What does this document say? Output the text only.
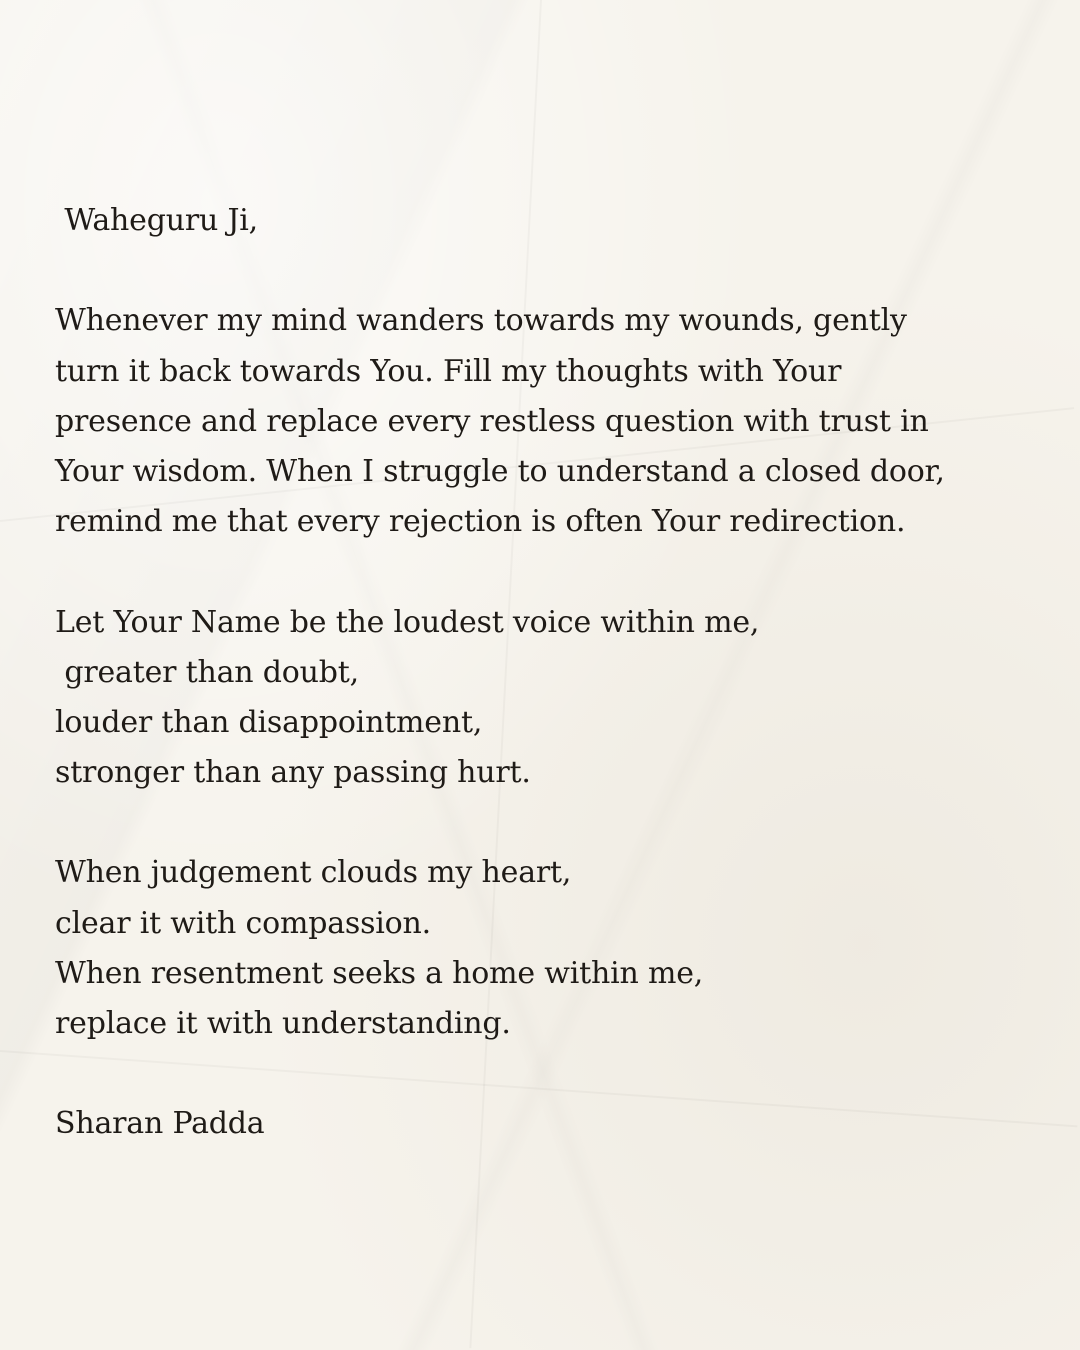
Waheguru Ji,
Whenever my mind wanders towards my wounds, gently
turn it back towards You. Fill my thoughts with Your
presence and replace every restless question with trust in
Your wisdom. When I struggle to understand a closed door,
remind me that every rejection is often Your redirection.
Let Your Name be the loudest voice within me,
greater than doubt,
louder than disappointment,
stronger than any passing hurt.
When judgement clouds my heart,
clear it with compassion.
When resentment seeks a home within me,
replace it with understanding.
Sharan Padda
